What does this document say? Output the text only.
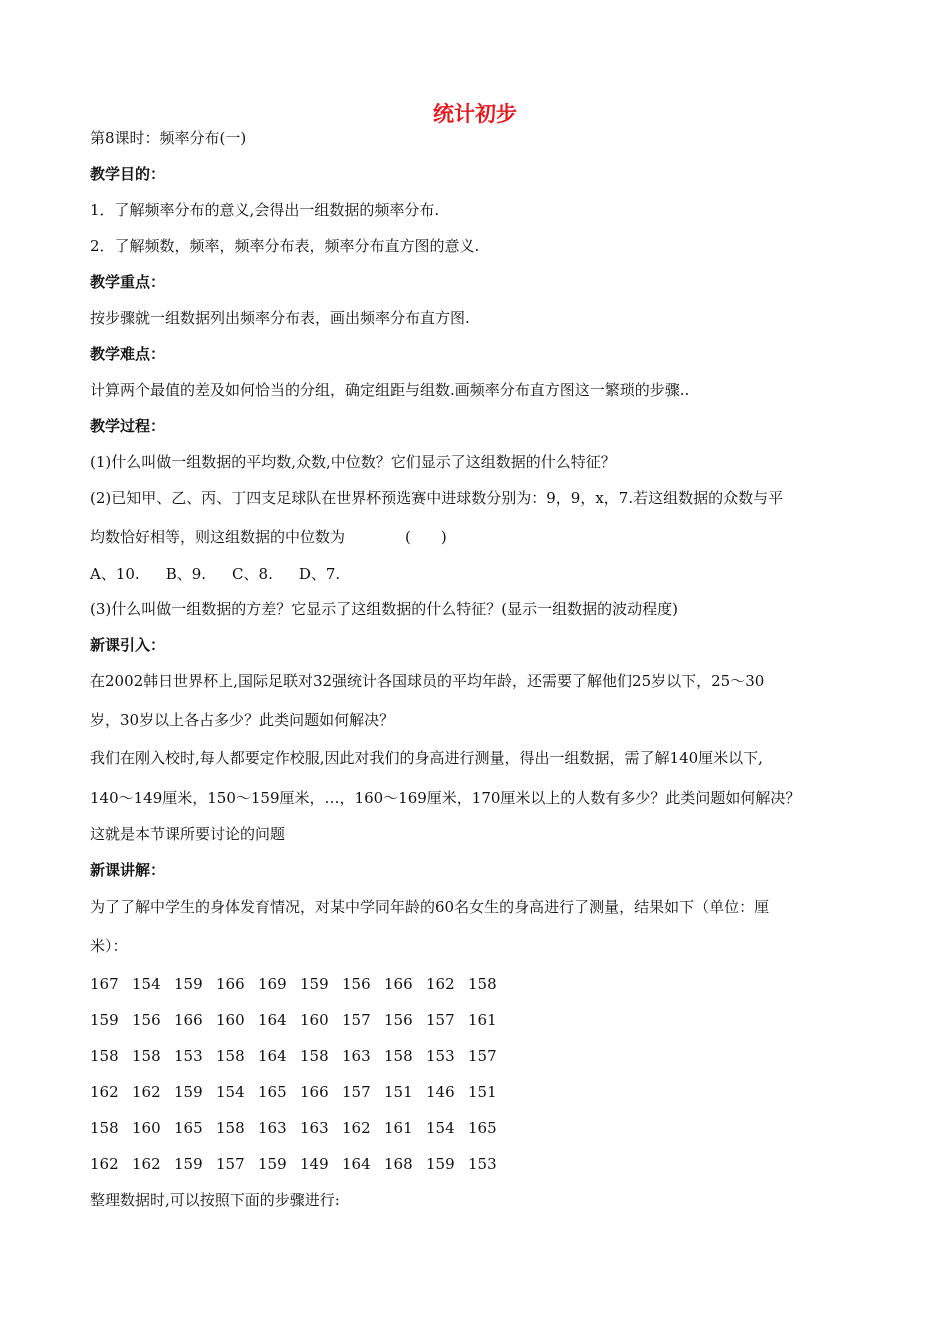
统计初步
第8课时：频率分布(一)
教学目的：
1．了解频率分布的意义,会得出一组数据的频率分布.
2．了解频数，频率，频率分布表，频率分布直方图的意义.
教学重点：
按步骤就一组数据列出频率分布表，画出频率分布直方图.
教学难点：
计算两个最值的差及如何恰当的分组，确定组距与组数.画频率分布直方图这一繁琐的步骤..
教学过程：
(1)什么叫做一组数据的平均数,众数,中位数？它们显示了这组数据的什么特征？
(2)已知甲、乙、丙、丁四支足球队在世界杯预选赛中进球数分别为：9，9，x，7.若这组数据的众数与平
均数恰好相等，则这组数据的中位数为	(　　)
A、10. B、9. C、8. D、7.
(3)什么叫做一组数据的方差？它显示了这组数据的什么特征？(显示一组数据的波动程度)
新课引入：
在2002韩日世界杯上,国际足联对32强统计各国球员的平均年龄，还需要了解他们25岁以下，25～30
岁，30岁以上各占多少？此类问题如何解决？
我们在刚入校时,每人都要定作校服,因此对我们的身高进行测量，得出一组数据，需了解140厘米以下,
140～149厘米，150～159厘米，…，160～169厘米，170厘米以上的人数有多少？此类问题如何解决？
这就是本节课所要讨论的问题
新课讲解：
为了了解中学生的身体发育情况，对某中学同年龄的60名女生的身高进行了测量，结果如下（单位：厘
米）：
167 154 159 166 169 159 156 166 162 158
159 156 166 160 164 160 157 156 157 161
158 158 153 158 164 158 163 158 153 157
162 162 159 154 165 166 157 151 146 151
158 160 165 158 163 163 162 161 154 165
162 162 159 157 159 149 164 168 159 153
整理数据时,可以按照下面的步骤进行:
